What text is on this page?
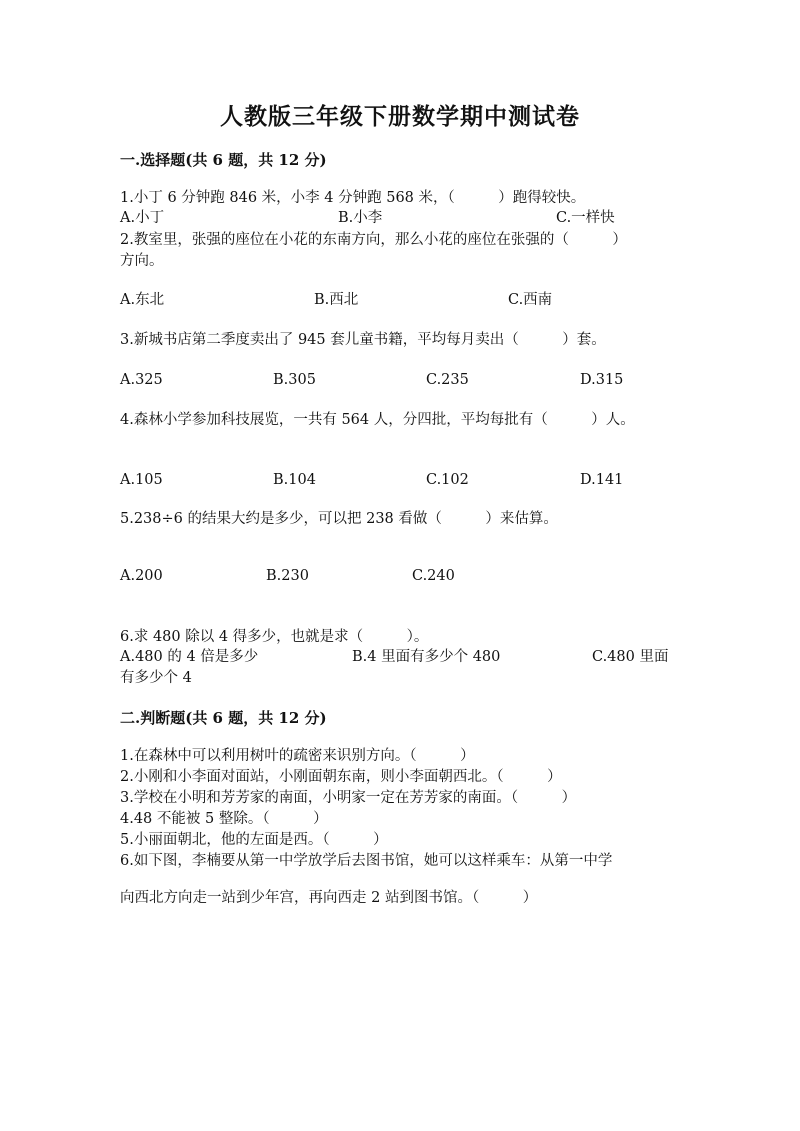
人教版三年级下册数学期中测试卷
一.选择题(共 6 题，共 12 分)
1.小丁 6 分钟跑 846 米，小李 4 分钟跑 568 米，（　　　）跑得较快。
A.小丁	B.小李	C.一样快
2.教室里，张强的座位在小花的东南方向，那么小花的座位在张强的（　　　）
方向。
A.东北	B.西北	C.西南
3.新城书店第二季度卖出了 945 套儿童书籍，平均每月卖出（　　　）套。
A.325	B.305	C.235	D.315
4.森林小学参加科技展览，一共有 564 人，分四批，平均每批有（　　　）人。
A.105	B.104	C.102	D.141
5.238÷6 的结果大约是多少，可以把 238 看做（　　　）来估算。
A.200	B.230	C.240
6.求 480 除以 4 得多少，也就是求（　　　）。
A.480 的 4 倍是多少	B.4 里面有多少个 480	C.480 里面
有多少个 4
二.判断题(共 6 题，共 12 分)
1.在森林中可以利用树叶的疏密来识别方向。（　　　）
2.小刚和小李面对面站，小刚面朝东南，则小李面朝西北。（　　　）
3.学校在小明和芳芳家的南面，小明家一定在芳芳家的南面。（　　　）
4.48 不能被 5 整除。（　　　）
5.小丽面朝北，他的左面是西。（　　　）
6.如下图，李楠要从第一中学放学后去图书馆，她可以这样乘车：从第一中学
向西北方向走一站到少年宫，再向西走 2 站到图书馆。（　　　）
